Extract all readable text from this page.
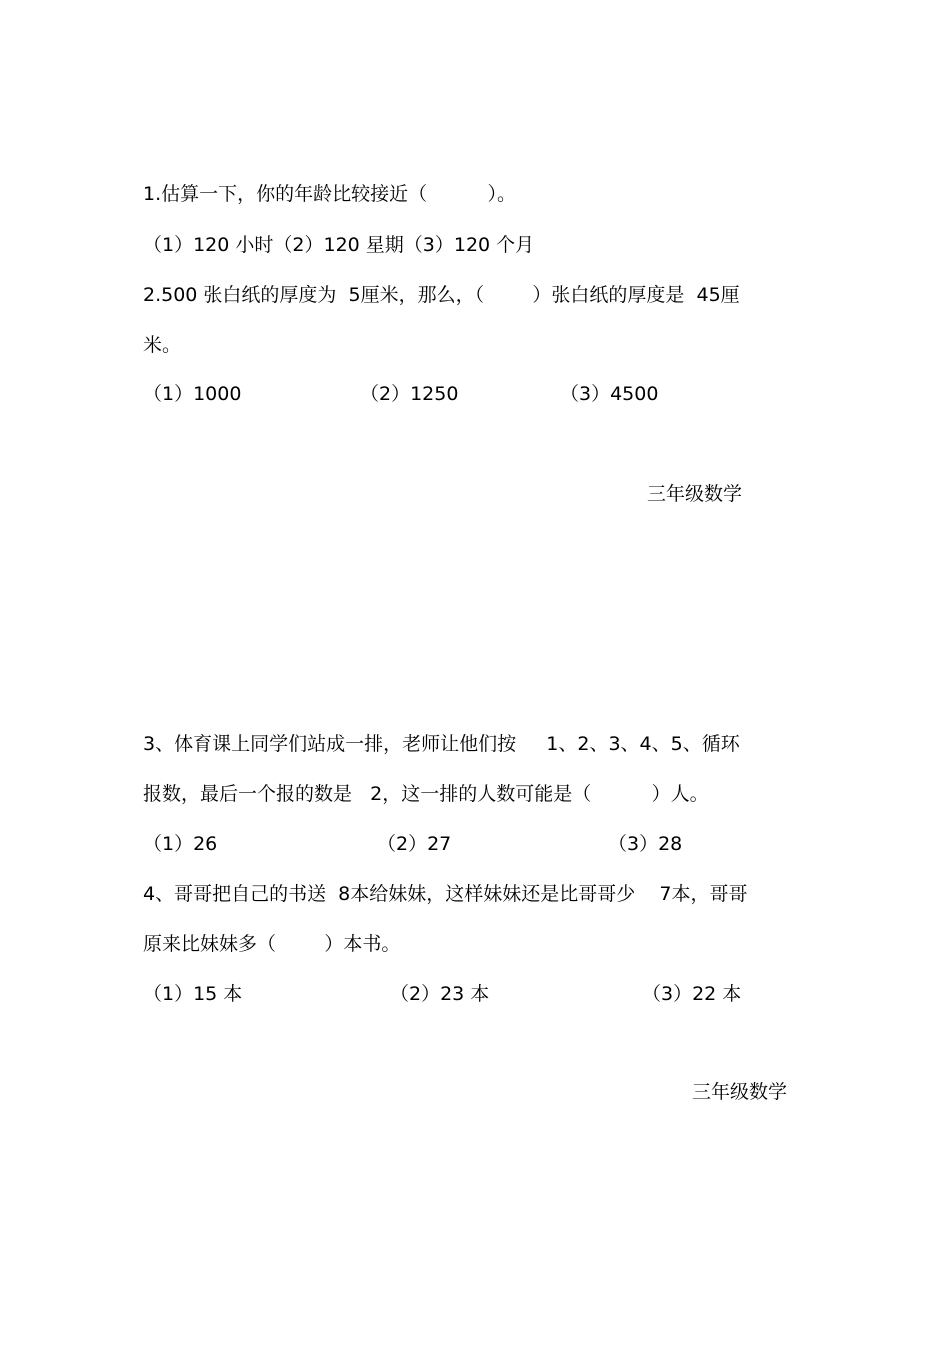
1.估算一下，你的年龄比较接近（          ）。
（1）120 小时（2）120 星期（3）120 个月
2.500 张白纸的厚度为  5厘米，那么，（        ）张白纸的厚度是  45厘
米。
（1）1000	（2）1250	（3）4500
三年级数学
3、体育课上同学们站成一排，老师让他们按     1、2、3、4、5、循环
报数，最后一个报的数是   2，这一排的人数可能是（          ）人。
（1）26	（2）27	（3）28
4、哥哥把自己的书送  8本给妹妹，这样妹妹还是比哥哥少    7本，哥哥
原来比妹妹多（        ）本书。
（1）15 本	（2）23 本	（3）22 本
三年级数学
